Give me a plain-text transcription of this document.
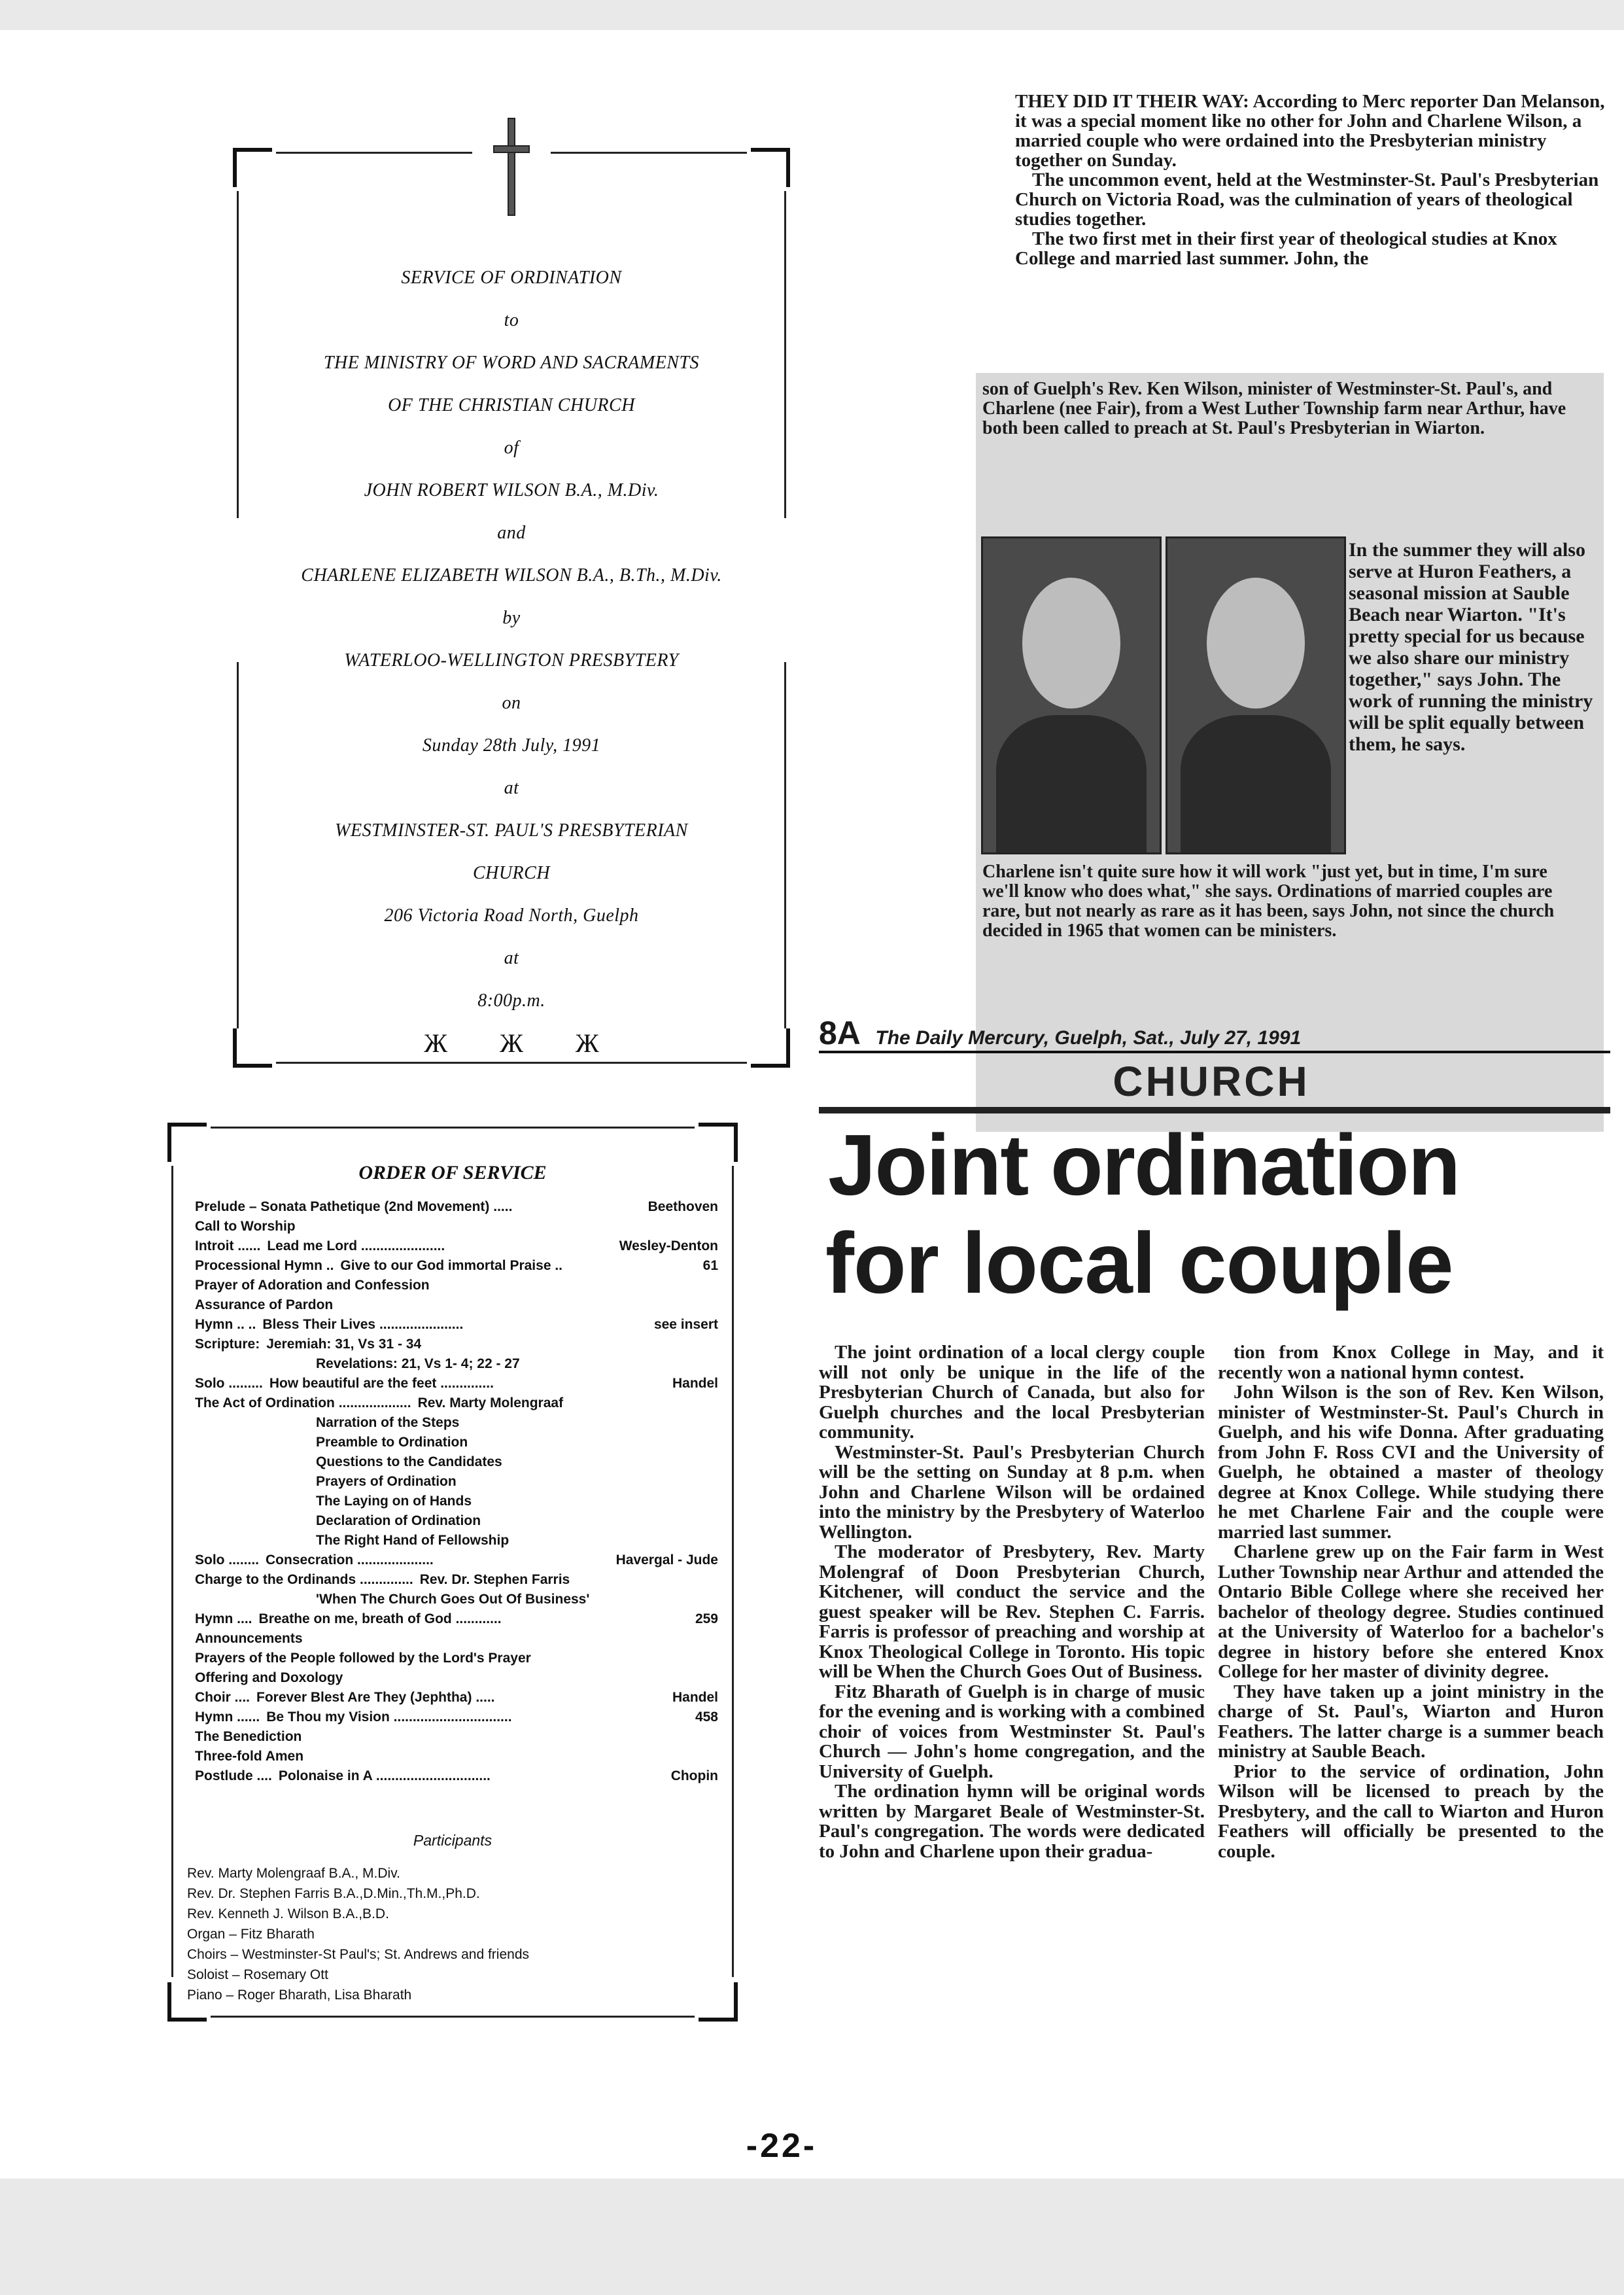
SERVICE OF ORDINATION
to
THE MINISTRY OF WORD AND SACRAMENTS
OF THE CHRISTIAN CHURCH
of
JOHN ROBERT WILSON B.A., M.Div.
and
CHARLENE ELIZABETH WILSON B.A., B.Th., M.Div.
by
WATERLOO-WELLINGTON PRESBYTERY
on
Sunday 28th July, 1991
at
WESTMINSTER-ST. PAUL'S PRESBYTERIAN
CHURCH
206 Victoria Road North, Guelph
at
8:00p.m.
ЖЖЖ
ORDER OF SERVICE
Prelude – Sonata Pathetique (2nd Movement) .....	Beethoven
Call to Worship
Introit ...... Lead me Lord ......................	Wesley-Denton
Processional Hymn .. Give to our God immortal Praise ..	61
Prayer of Adoration and Confession
Assurance of Pardon
Hymn .. .. Bless Their Lives ......................	see insert
Scripture: Jeremiah: 31, Vs 31 - 34
Revelations: 21, Vs 1- 4; 22 - 27
Solo ......... How beautiful are the feet ..............	Handel
The Act of Ordination ................... Rev. Marty Molengraaf
Narration of the Steps
Preamble to Ordination
Questions to the Candidates
Prayers of Ordination
The Laying on of Hands
Declaration of Ordination
The Right Hand of Fellowship
Solo ........ Consecration ....................	Havergal - Jude
Charge to the Ordinands .............. Rev. Dr. Stephen Farris
'When The Church Goes Out Of Business'
Hymn .... Breathe on me, breath of God ............	259
Announcements
Prayers of the People followed by the Lord's Prayer
Offering and Doxology
Choir .... Forever Blest Are They (Jephtha) .....	Handel
Hymn ...... Be Thou my Vision ...............................	458
The Benediction
Three-fold Amen
Postlude .... Polonaise in A ..............................	Chopin
Participants
Rev. Marty Molengraaf B.A., M.Div.
Rev. Dr. Stephen Farris B.A.,D.Min.,Th.M.,Ph.D.
Rev. Kenneth J. Wilson B.A.,B.D.
Organ – Fitz Bharath
Choirs – Westminster-St Paul's; St. Andrews and friends
Soloist – Rosemary Ott
Piano – Roger Bharath, Lisa Bharath

THEY DID IT THEIR WAY: According to Merc reporter Dan Melanson, it was a special moment like no other for John and Charlene Wilson, a married couple who were ordained into the Presbyterian ministry together on Sunday.

The uncommon event, held at the Westminster-St. Paul's Presbyterian Church on Victoria Road, was the culmination of years of theological studies together.

The two first met in their first year of theological studies at Knox College and married last summer. John, the

son of Guelph's Rev. Ken Wilson, minister of Westminster-St. Paul's, and Charlene (nee Fair), from a West Luther Township farm near Arthur, have both been called to preach at St. Paul's Presbyterian in Wiarton.
In the summer they will also serve at Huron Feathers, a seasonal mission at Sauble Beach near Wiarton. "It's pretty special for us because we also share our ministry together," says John. The work of running the ministry will be split equally between them, he says.
Charlene isn't quite sure how it will work "just yet, but in time, I'm sure we'll know who does what," she says. Ordinations of married couples are rare, but not nearly as rare as it has been, says John, not since the church decided in 1965 that women can be ministers.
8A The Daily Mercury, Guelph, Sat., July 27, 1991
CHURCH
Joint ordination
for local couple

The joint ordination of a local clergy couple will not only be unique in the life of the Presbyterian Church of Canada, but also for Guelph churches and the local Presbyterian community.

Westminster-St. Paul's Presbyterian Church will be the setting on Sunday at 8 p.m. when John and Charlene Wilson will be ordained into the ministry by the Presbytery of Waterloo Wellington.

The moderator of Presbytery, Rev. Marty Molengraf of Doon Presbyterian Church, Kitchener, will conduct the service and the guest speaker will be Rev. Stephen C. Farris. Farris is professor of preaching and worship at Knox Theological College in Toronto. His topic will be When the Church Goes Out of Business.

Fitz Bharath of Guelph is in charge of music for the evening and is working with a combined choir of voices from Westminster St. Paul's Church — John's home congregation, and the University of Guelph.

The ordination hymn will be original words written by Margaret Beale of Westminster-St. Paul's congregation. The words were dedicated to John and Charlene upon their gradua-

tion from Knox College in May, and it recently won a national hymn contest.

John Wilson is the son of Rev. Ken Wilson, minister of Westminster-St. Paul's Church in Guelph, and his wife Donna. After graduating from John F. Ross CVI and the University of Guelph, he obtained a master of theology degree at Knox College. While studying there he met Charlene Fair and the couple were married last summer.

Charlene grew up on the Fair farm in West Luther Township near Arthur and attended the Ontario Bible College where she received her bachelor of theology degree. Studies continued at the University of Waterloo for a bachelor's degree in history before she entered Knox College for her master of divinity degree.

They have taken up a joint ministry in the charge of St. Paul's, Wiarton and Huron Feathers. The latter charge is a summer beach ministry at Sauble Beach.

Prior to the service of ordination, John Wilson will be licensed to preach by the Presbytery, and the call to Wiarton and Huron Feathers will officially be presented to the couple.

-22-
